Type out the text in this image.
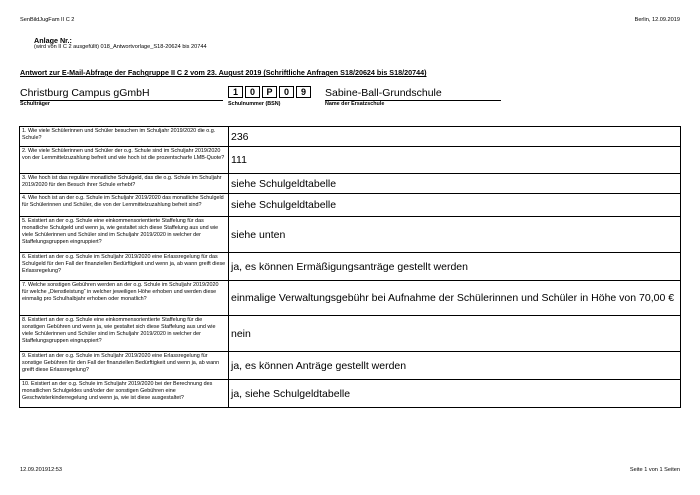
SenBildJugFam II C 2	Berlin, 12.09.2019
Anlage Nr.:
(wird von II C 2 ausgefüllt) 018_Antwortvorlage_S18-20624 bis 20744
Antwort zur E-Mail-Abfrage der Fachgruppe II C 2 vom 23. August 2019 (Schriftliche Anfragen S18/20624 bis S18/20744)
Christburg Campus gGmbH
Schulträger
1	0	P	0	9
Schulnummer (BSN)
Sabine-Ball-Grundschule
Name der Ersatzschule
1. Wie viele Schülerinnen und Schüler besuchen im Schuljahr 2019/2020 die o.g. Schule?	236
2. Wie viele Schülerinnen und Schüler der o.g. Schule sind im Schuljahr 2019/2020 von der Lernmittelzuzahlung befreit und wie hoch ist die prozentscharfe LMB-Quote?	111
3. Wie hoch ist das reguläre monatliche Schulgeld, das die o.g. Schule im Schuljahr 2019/2020 für den Besuch ihrer Schule erhebt?	siehe Schulgeldtabelle
4. Wie hoch ist an der o.g. Schule im Schuljahr 2019/2020 das monatliche Schulgeld für Schülerinnen und Schüler, die von der Lernmittelzuzahlung befreit sind?	siehe Schulgeldtabelle
5. Existiert an der o.g. Schule eine einkommensorientierte Staffelung für das monatliche Schulgeld und wenn ja, wie gestaltet sich diese Staffelung aus und wie viele Schülerinnen und Schüler sind im Schuljahr 2019/2020 in welcher der Staffelungsgruppen eingruppiert?	siehe unten
6. Existiert an der o.g. Schule im Schuljahr 2019/2020 eine Erlassregelung für das Schulgeld für den Fall der finanziellen Bedürftigkeit und wenn ja, ab wann greift diese Erlassregelung?	ja, es können Ermäßigungsanträge gestellt werden
7. Welche sonstigen Gebühren werden an der o.g. Schule im Schuljahr 2019/2020 für welche „Dienstleistung“ in welcher jeweiligen Höhe erhoben und werden diese einmalig pro Schulhalbjahr erhoben oder monatlich?	einmalige Verwaltungsgebühr bei Aufnahme der Schülerinnen und Schüler in Höhe von 70,00 €
8. Existiert an der o.g. Schule eine einkommensorientierte Staffelung für die sonstigen Gebühren und wenn ja, wie gestaltet sich diese Staffelung aus und wie viele Schülerinnen und Schüler sind im Schuljahr 2019/2020 in welcher der Staffelungsgruppen eingruppiert?	nein
9. Existiert an der o.g. Schule im Schuljahr 2019/2020 eine Erlassregelung für sonstige Gebühren für den Fall der finanziellen Bedürftigkeit und wenn ja, ab wann greift diese Erlassregelung?	ja, es können Anträge gestellt werden
10. Existiert an der o.g. Schule im Schuljahr 2019/2020 bei der Berechnung des monatlichen Schulgeldes und/oder der sonstigen Gebühren eine Geschwisterkinderregelung und wenn ja, wie ist diese ausgestaltet?	ja, siehe Schulgeldtabelle
12.09.201912:53	Seite 1 von 1 Seiten
